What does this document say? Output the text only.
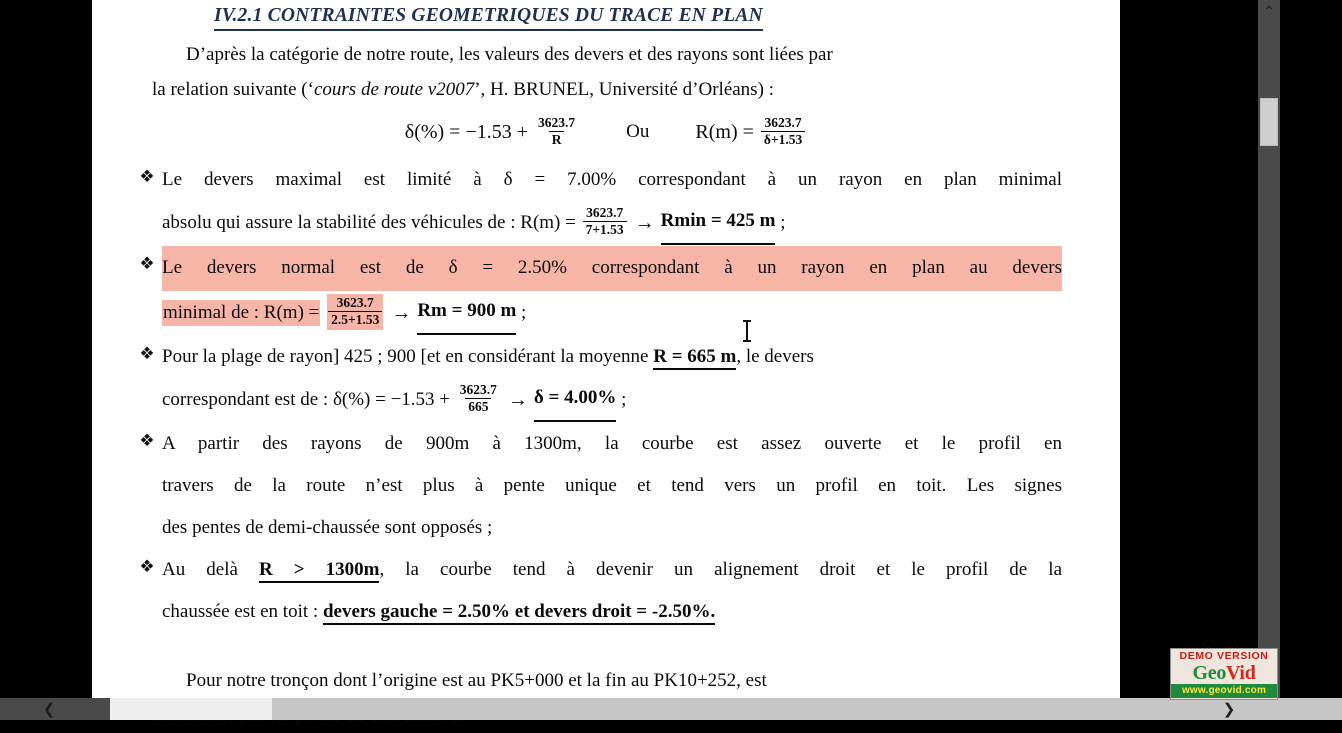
IV.2.1 CONTRAINTES GEOMETRIQUES DU TRACE EN PLAN

D’après la catégorie de notre route, les valeurs des devers et des rayons sont liées par

la relation suivante (‘cours de route v2007’, H. BRUNEL, Université d’Orléans) :

$\delta(\%) = -1.53 + \frac{3623.7}{R}$	Ou $R(m) = \frac{3623.7}{\delta+1.53}$
❖ Le devers maximal est limité à δ = 7.00% correspondant à un rayon en plan minimal
absolu qui assure la stabilité des véhicules de : $R(m) = \frac{3623.7}{7+1.53} \to Rmin = 425$ m ;
❖ Le devers normal est de δ = 2.50% correspondant à un rayon en plan au devers
minimal de : $R(m) = \frac{3623.7}{2.5+1.53} \to Rm = 900$ m ;
❖ Pour la plage de rayon] 425 ; 900 [et en considérant la moyenne R = 665 m, le devers
correspondant est de : $\delta(\%) = -1.53 + \frac{3623.7}{665} \to \delta = 4.00\%$ ;
❖ A partir des rayons de 900m à 1300m, la courbe est assez ouverte et le profil en
travers de la route n’est plus à pente unique et tend vers un profil en toit. Les signes
des pentes de demi-chaussée sont opposés ;
❖ Au delà R > 1300m, la courbe tend à devenir un alignement droit et le profil de la
chaussée est en toit : devers gauche = 2.50% et devers droit = -2.50%.

Pour notre tronçon dont l’origine est au PK5+000 et la fin au PK10+252, est

⌃
❮	❯
DEMO VERSION
GeoVid
www.geovid.com
